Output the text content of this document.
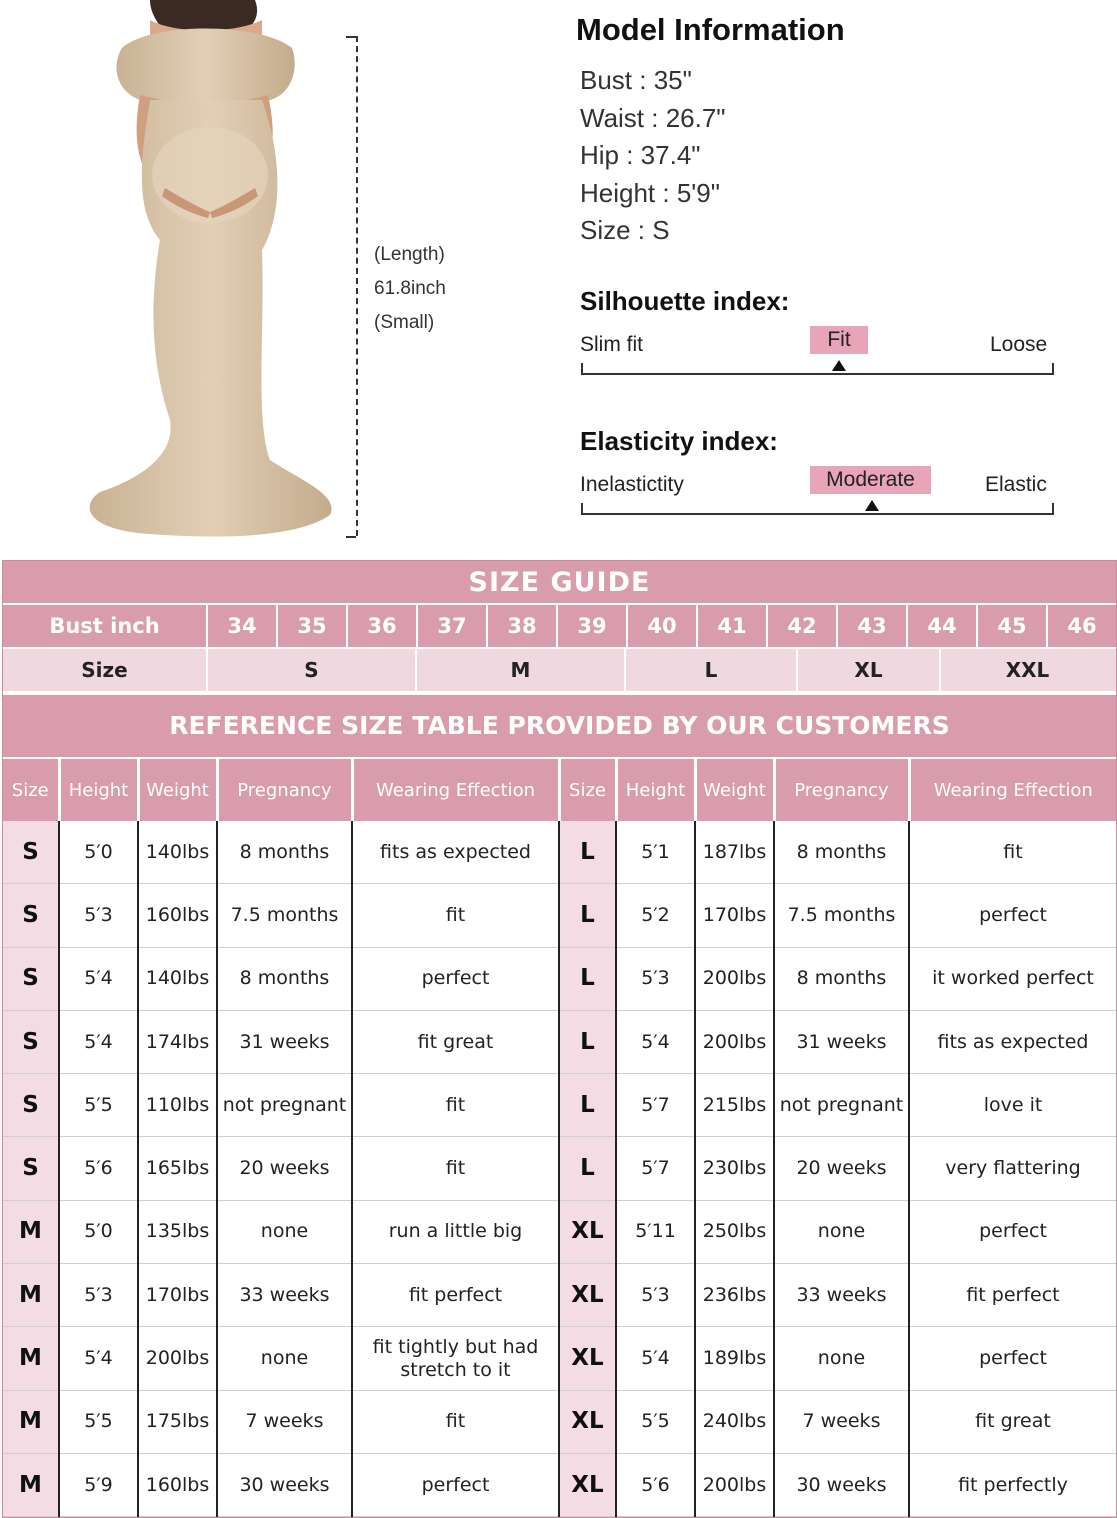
(Length)
61.8inch
(Small)
Model Information
Bust : 35"
Waist : 26.7"
Hip : 37.4"
Height : 5'9"
Size : S
Silhouette index:
Slim fit	Fit	Loose
Elasticity index:
Inelastictity	Moderate	Elastic
SIZE GUIDE
Bust inch	34	35	36	37	38	39	40	41	42	43	44	45	46
Size	S	M	L	XL	XXL
REFERENCE SIZE TABLE PROVIDED BY OUR CUSTOMERS
Size	Height	Weight	Pregnancy	Wearing Effection	Size	Height	Weight	Pregnancy	Wearing Effection
S	5′0	140lbs	8 months	fits as expected	L	5′1	187lbs	8 months	fit
S	5′3	160lbs	7.5 months	fit	L	5′2	170lbs	7.5 months	perfect
S	5′4	140lbs	8 months	perfect	L	5′3	200lbs	8 months	it worked perfect
S	5′4	174lbs	31 weeks	fit great	L	5′4	200lbs	31 weeks	fits as expected
S	5′5	110lbs	not pregnant	fit	L	5′7	215lbs	not pregnant	love it
S	5′6	165lbs	20 weeks	fit	L	5′7	230lbs	20 weeks	very flattering
M	5′0	135lbs	none	run a little big	XL	5′11	250lbs	none	perfect
M	5′3	170lbs	33 weeks	fit perfect	XL	5′3	236lbs	33 weeks	fit perfect
M	5′4	200lbs	none	fit tightly but had stretch to it	XL	5′4	189lbs	none	perfect
M	5′5	175lbs	7 weeks	fit	XL	5′5	240lbs	7 weeks	fit great
M	5′9	160lbs	30 weeks	perfect	XL	5′6	200lbs	30 weeks	fit perfectly
